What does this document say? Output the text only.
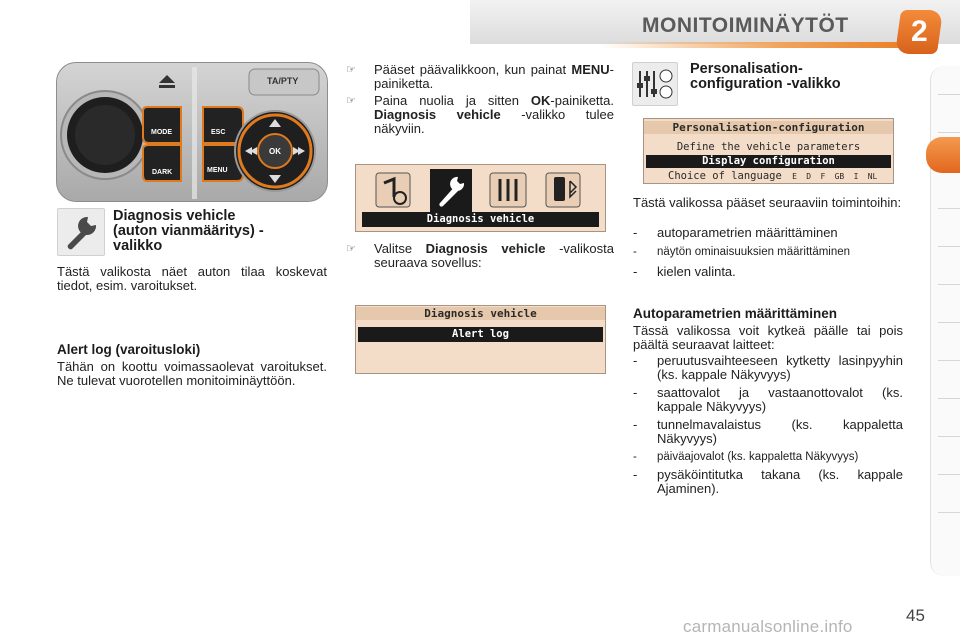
MONITOIMINÄYTÖT 2
TA/PTY
MODE
DARK
ESC
MENU
OK
Diagnosis vehicle
(auton vianmääritys) -
valikko
Tästä valikosta näet auton tilaa koskevat tiedot, esim. varoitukset.
Alert log (varoitusloki)
Tähän on koottu voimassaolevat varoitukset. Ne tulevat vuorotellen monitoiminäyttöön.
☞	Pääset päävalikkoon, kun painat MENU-painiketta.
☞	Paina nuolia ja sitten OK-painiketta. Diagnosis vehicle -valikko tulee näkyviin.
Diagnosis vehicle
☞	Valitse Diagnosis vehicle -valikosta seuraava sovellus:
Diagnosis vehicle
Alert log
Personalisation-
configuration -valikko
Personalisation-configuration
Define the vehicle parameters
Display configuration
Choice of language E D F GB I NL
Tästä valikossa pääset seuraaviin toimintoihin:
- autoparametrien määrittäminen
- näytön ominaisuuksien määrittäminen
- kielen valinta.
Autoparametrien määrittäminen
Tässä valikossa voit kytkeä päälle tai pois päältä seuraavat laitteet:
- peruutusvaihteeseen kytketty lasinpyyhin (ks. kappale Näkyvyys)
- saattovalot ja vastaanottovalot (ks. kappale Näkyvyys)
- tunnelmavalaistus (ks. kappaletta Näkyvyys)
- päiväajovalot (ks. kappaletta Näkyvyys)
- pysäköintitutka takana (ks. kappale Ajaminen).
45
carmanualsonline.info
